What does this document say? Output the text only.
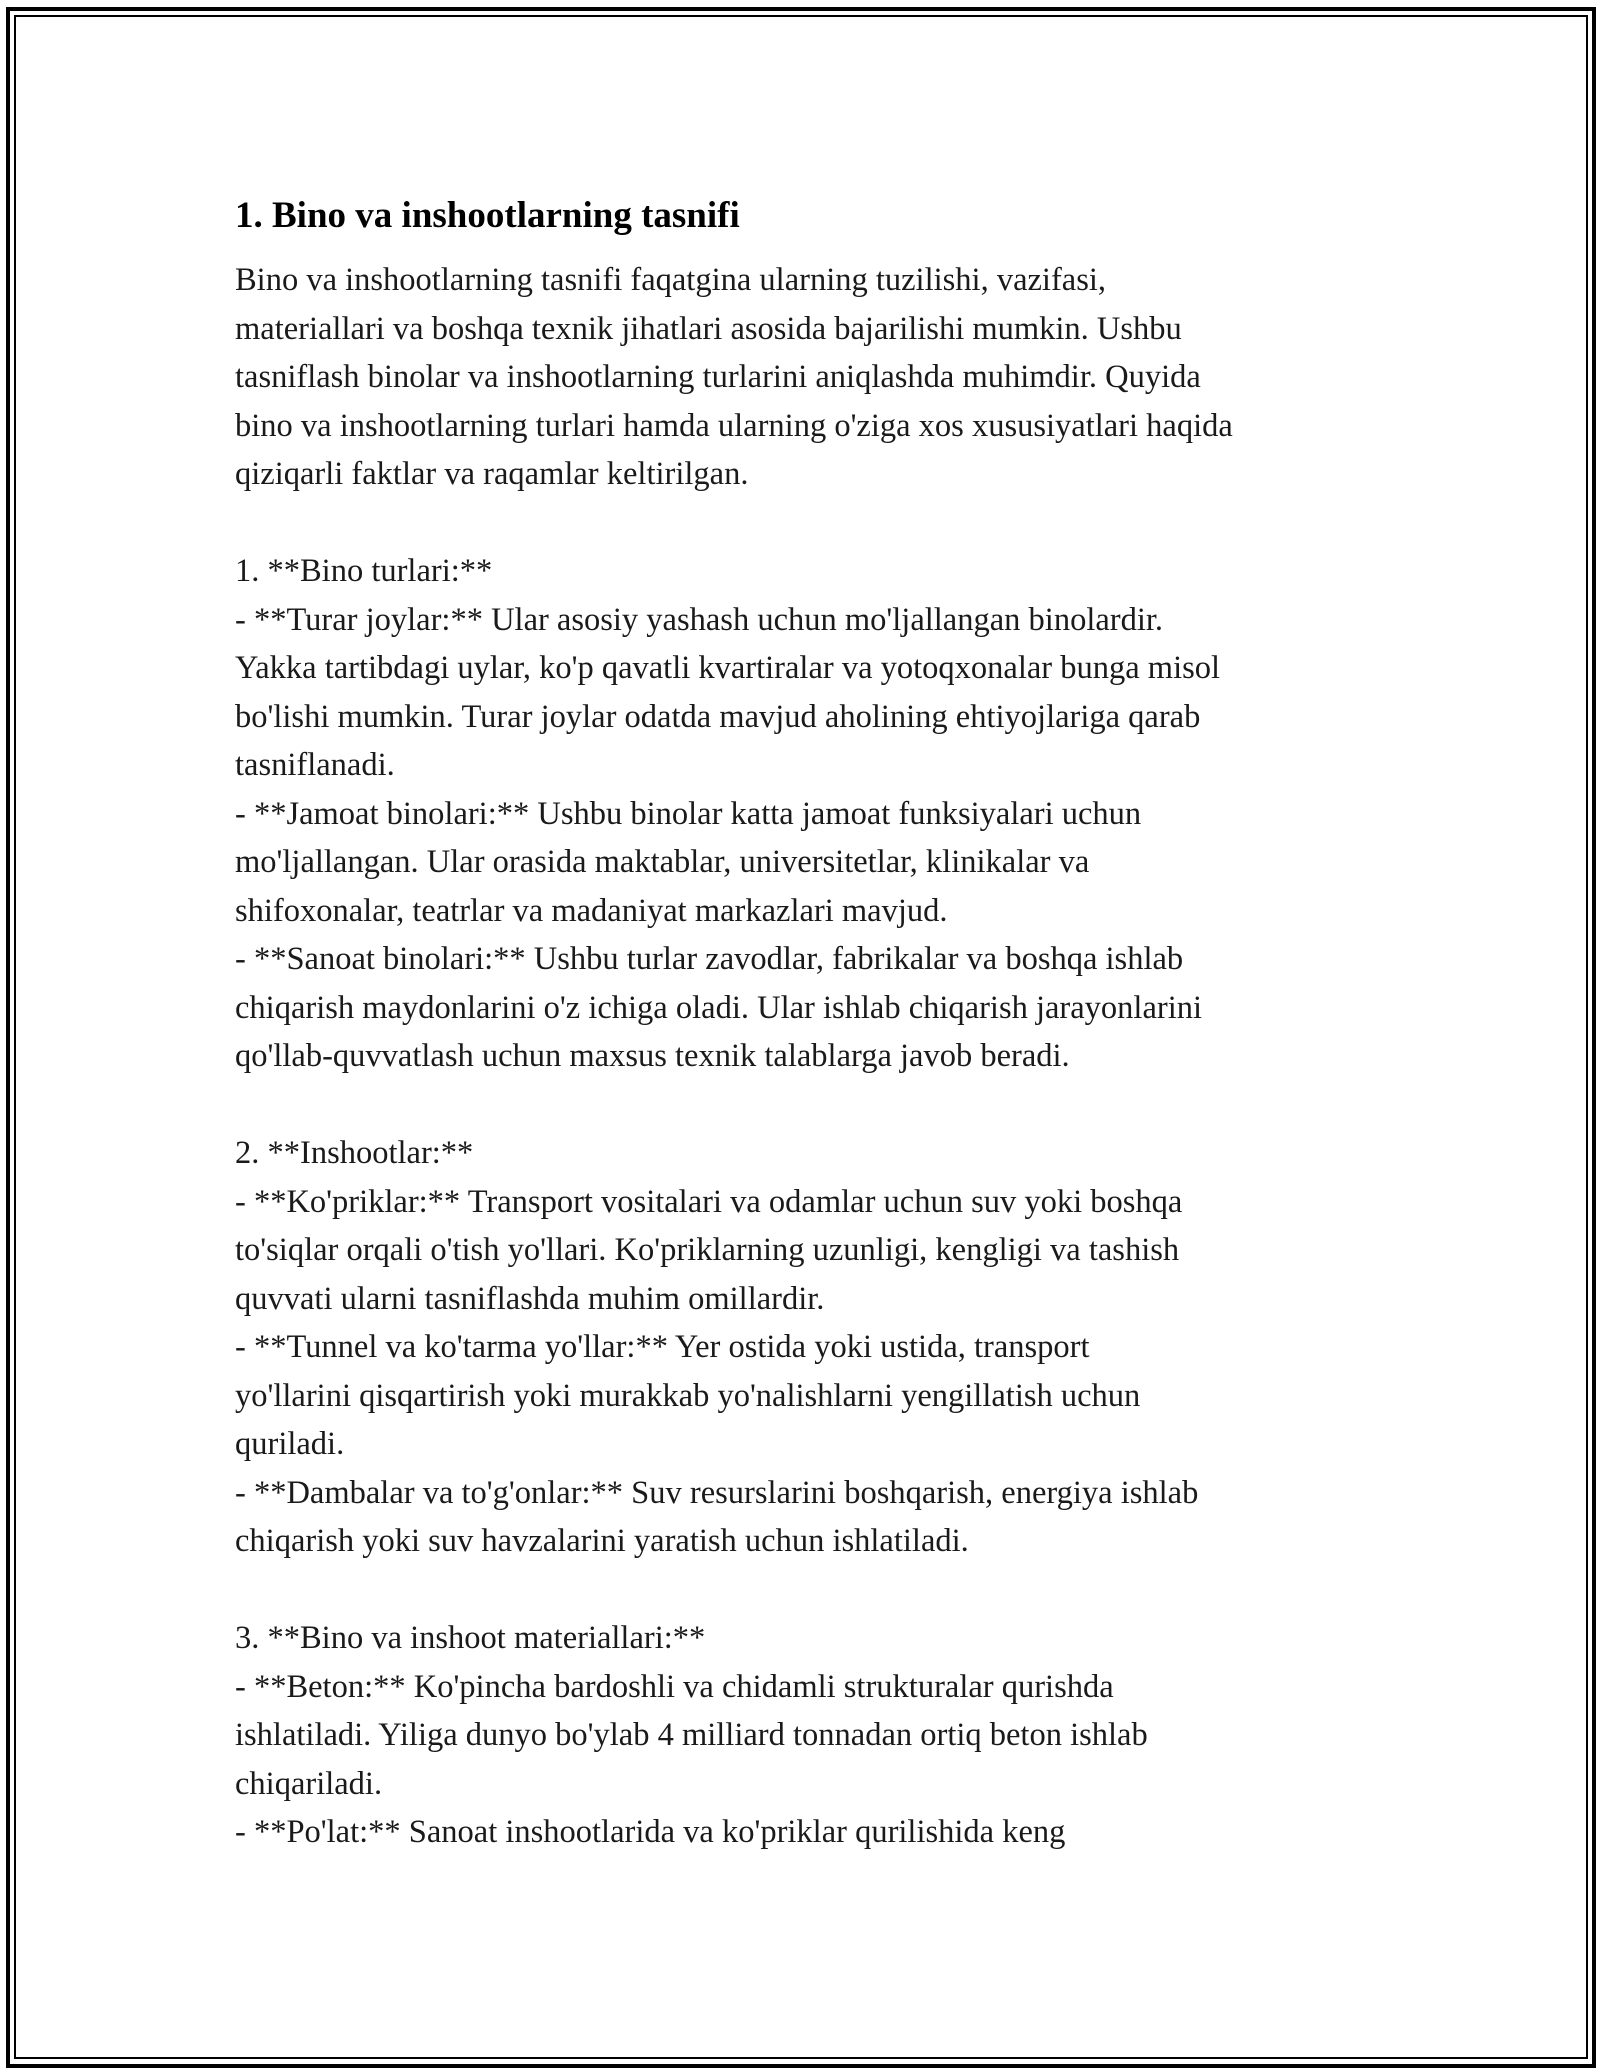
1. Bino va inshootlarning tasnifi

Bino va inshootlarning tasnifi faqatgina ularning tuzilishi, vazifasi,
materiallari va boshqa texnik jihatlari asosida bajarilishi mumkin. Ushbu
tasniflash binolar va inshootlarning turlarini aniqlashda muhimdir. Quyida
bino va inshootlarning turlari hamda ularning o'ziga xos xususiyatlari haqida
qiziqarli faktlar va raqamlar keltirilgan.

1. **Bino turlari:**
- **Turar joylar:** Ular asosiy yashash uchun mo'ljallangan binolardir.
Yakka tartibdagi uylar, ko'p qavatli kvartiralar va yotoqxonalar bunga misol
bo'lishi mumkin. Turar joylar odatda mavjud aholining ehtiyojlariga qarab
tasniflanadi.
- **Jamoat binolari:** Ushbu binolar katta jamoat funksiyalari uchun
mo'ljallangan. Ular orasida maktablar, universitetlar, klinikalar va
shifoxonalar, teatrlar va madaniyat markazlari mavjud.
- **Sanoat binolari:** Ushbu turlar zavodlar, fabrikalar va boshqa ishlab
chiqarish maydonlarini o'z ichiga oladi. Ular ishlab chiqarish jarayonlarini
qo'llab-quvvatlash uchun maxsus texnik talablarga javob beradi.

2. **Inshootlar:**
- **Ko'priklar:** Transport vositalari va odamlar uchun suv yoki boshqa
to'siqlar orqali o'tish yo'llari. Ko'priklarning uzunligi, kengligi va tashish
quvvati ularni tasniflashda muhim omillardir.
- **Tunnel va ko'tarma yo'llar:** Yer ostida yoki ustida, transport
yo'llarini qisqartirish yoki murakkab yo'nalishlarni yengillatish uchun
quriladi.
- **Dambalar va to'g'onlar:** Suv resurslarini boshqarish, energiya ishlab
chiqarish yoki suv havzalarini yaratish uchun ishlatiladi.

3. **Bino va inshoot materiallari:**
- **Beton:** Ko'pincha bardoshli va chidamli strukturalar qurishda
ishlatiladi. Yiliga dunyo bo'ylab 4 milliard tonnadan ortiq beton ishlab
chiqariladi.
- **Po'lat:** Sanoat inshootlarida va ko'priklar qurilishida keng
